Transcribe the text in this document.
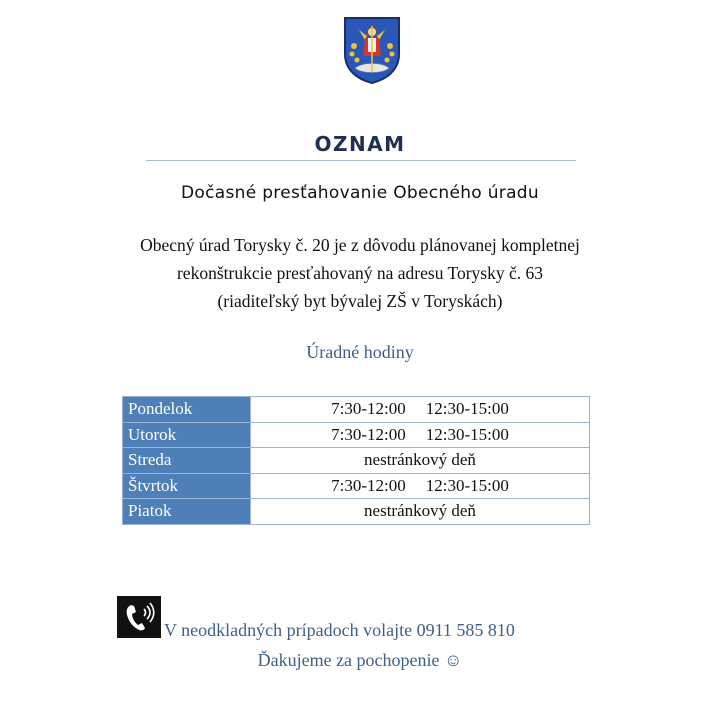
OZNAM
Dočasné presťahovanie Obecného úradu
Obecný úrad Torysky č. 20 je z dôvodu plánovanej kompletnej
rekonštrukcie presťahovaný na adresu Torysky č. 63
(riaditeľský byt bývalej ZŠ v Toryskách)
Úradné hodiny
Pondelok	7:30-12:00 12:30-15:00
Utorok	7:30-12:00 12:30-15:00
Streda	nestránkový deň
Štvrtok	7:30-12:00 12:30-15:00
Piatok	nestránkový deň
V neodkladných prípadoch volajte 0911 585 810
Ďakujeme za pochopenie ☺
